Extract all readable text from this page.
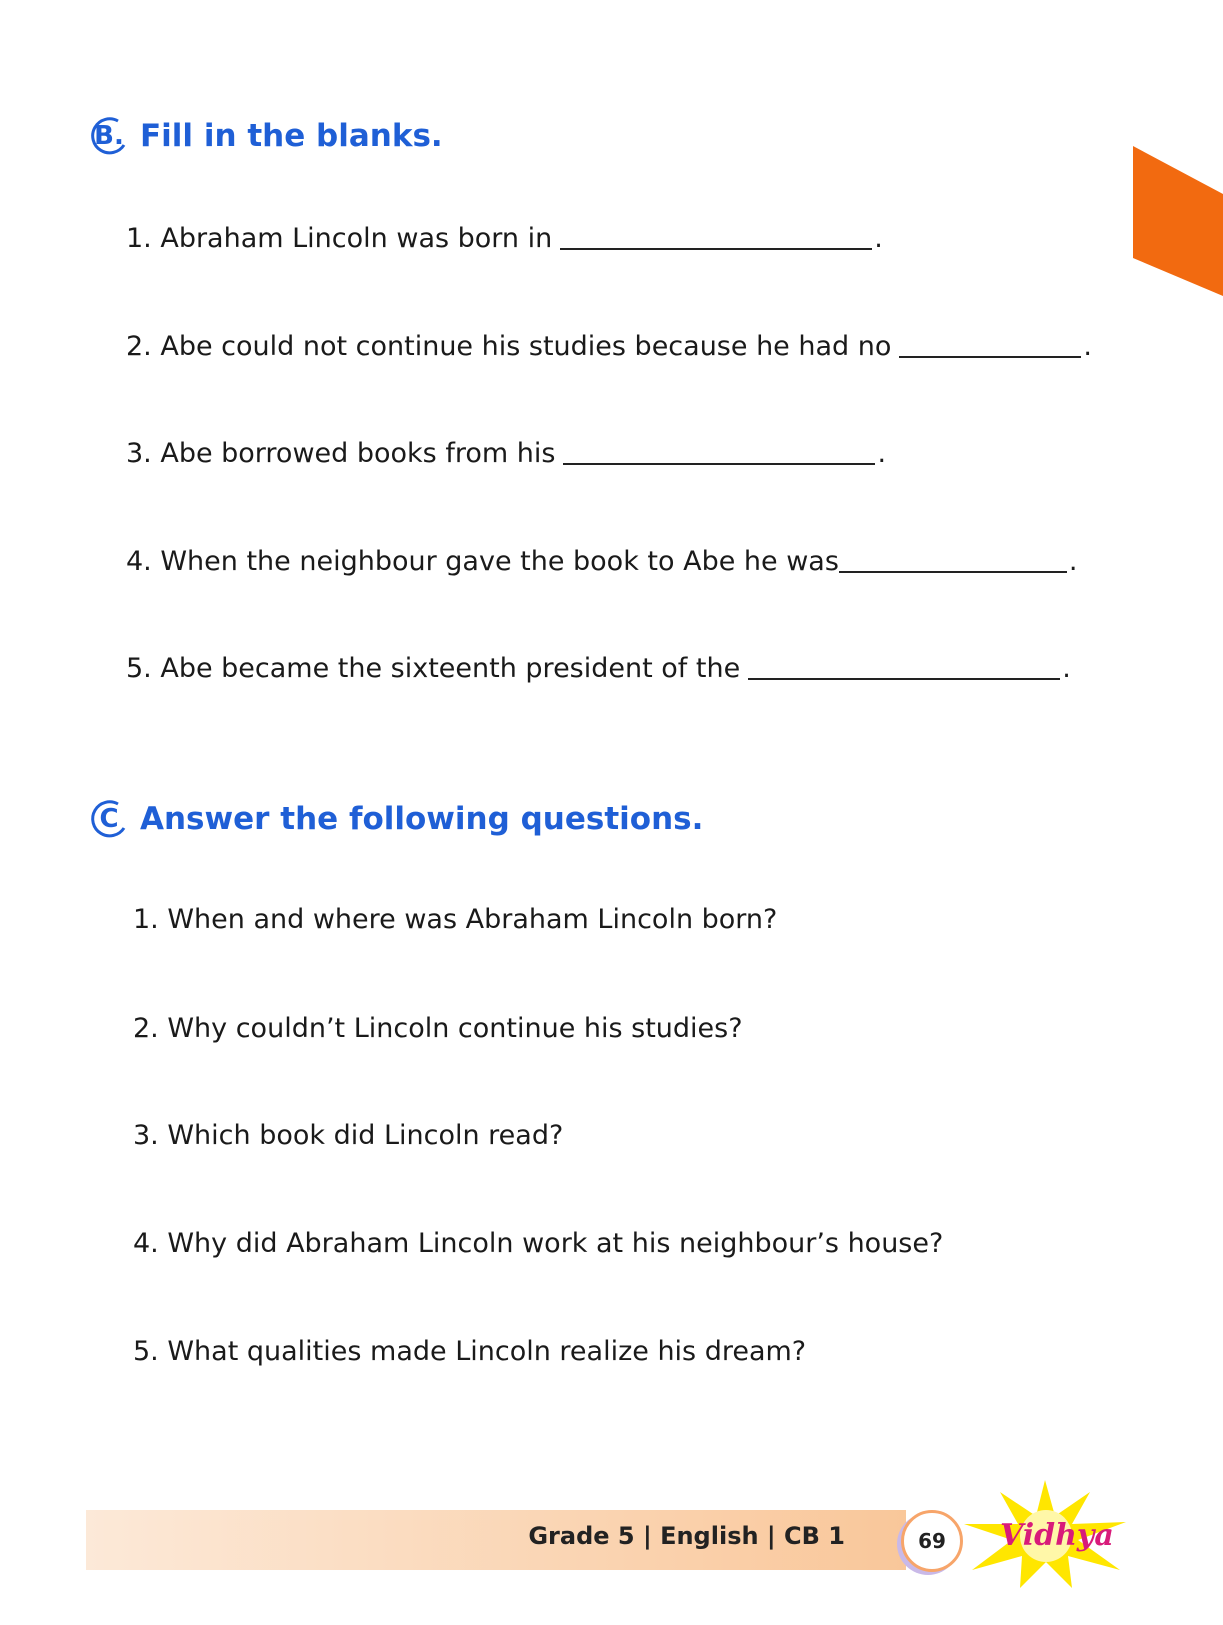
B. Fill in the blanks.
1. Abraham Lincoln was born in	.
2. Abe could not continue his studies because he had no	.
3. Abe borrowed books from his	.
4. When the neighbour gave the book to Abe he was	.
5. Abe became the sixteenth president of the	.
C Answer the following questions.
1. When and where was Abraham Lincoln born?
2. Why couldn’t Lincoln continue his studies?
3. Which book did Lincoln read?
4. Why did Abraham Lincoln work at his neighbour’s house?
5. What qualities made Lincoln realize his dream?
Grade 5 | English | CB 1	69	Vidhya
